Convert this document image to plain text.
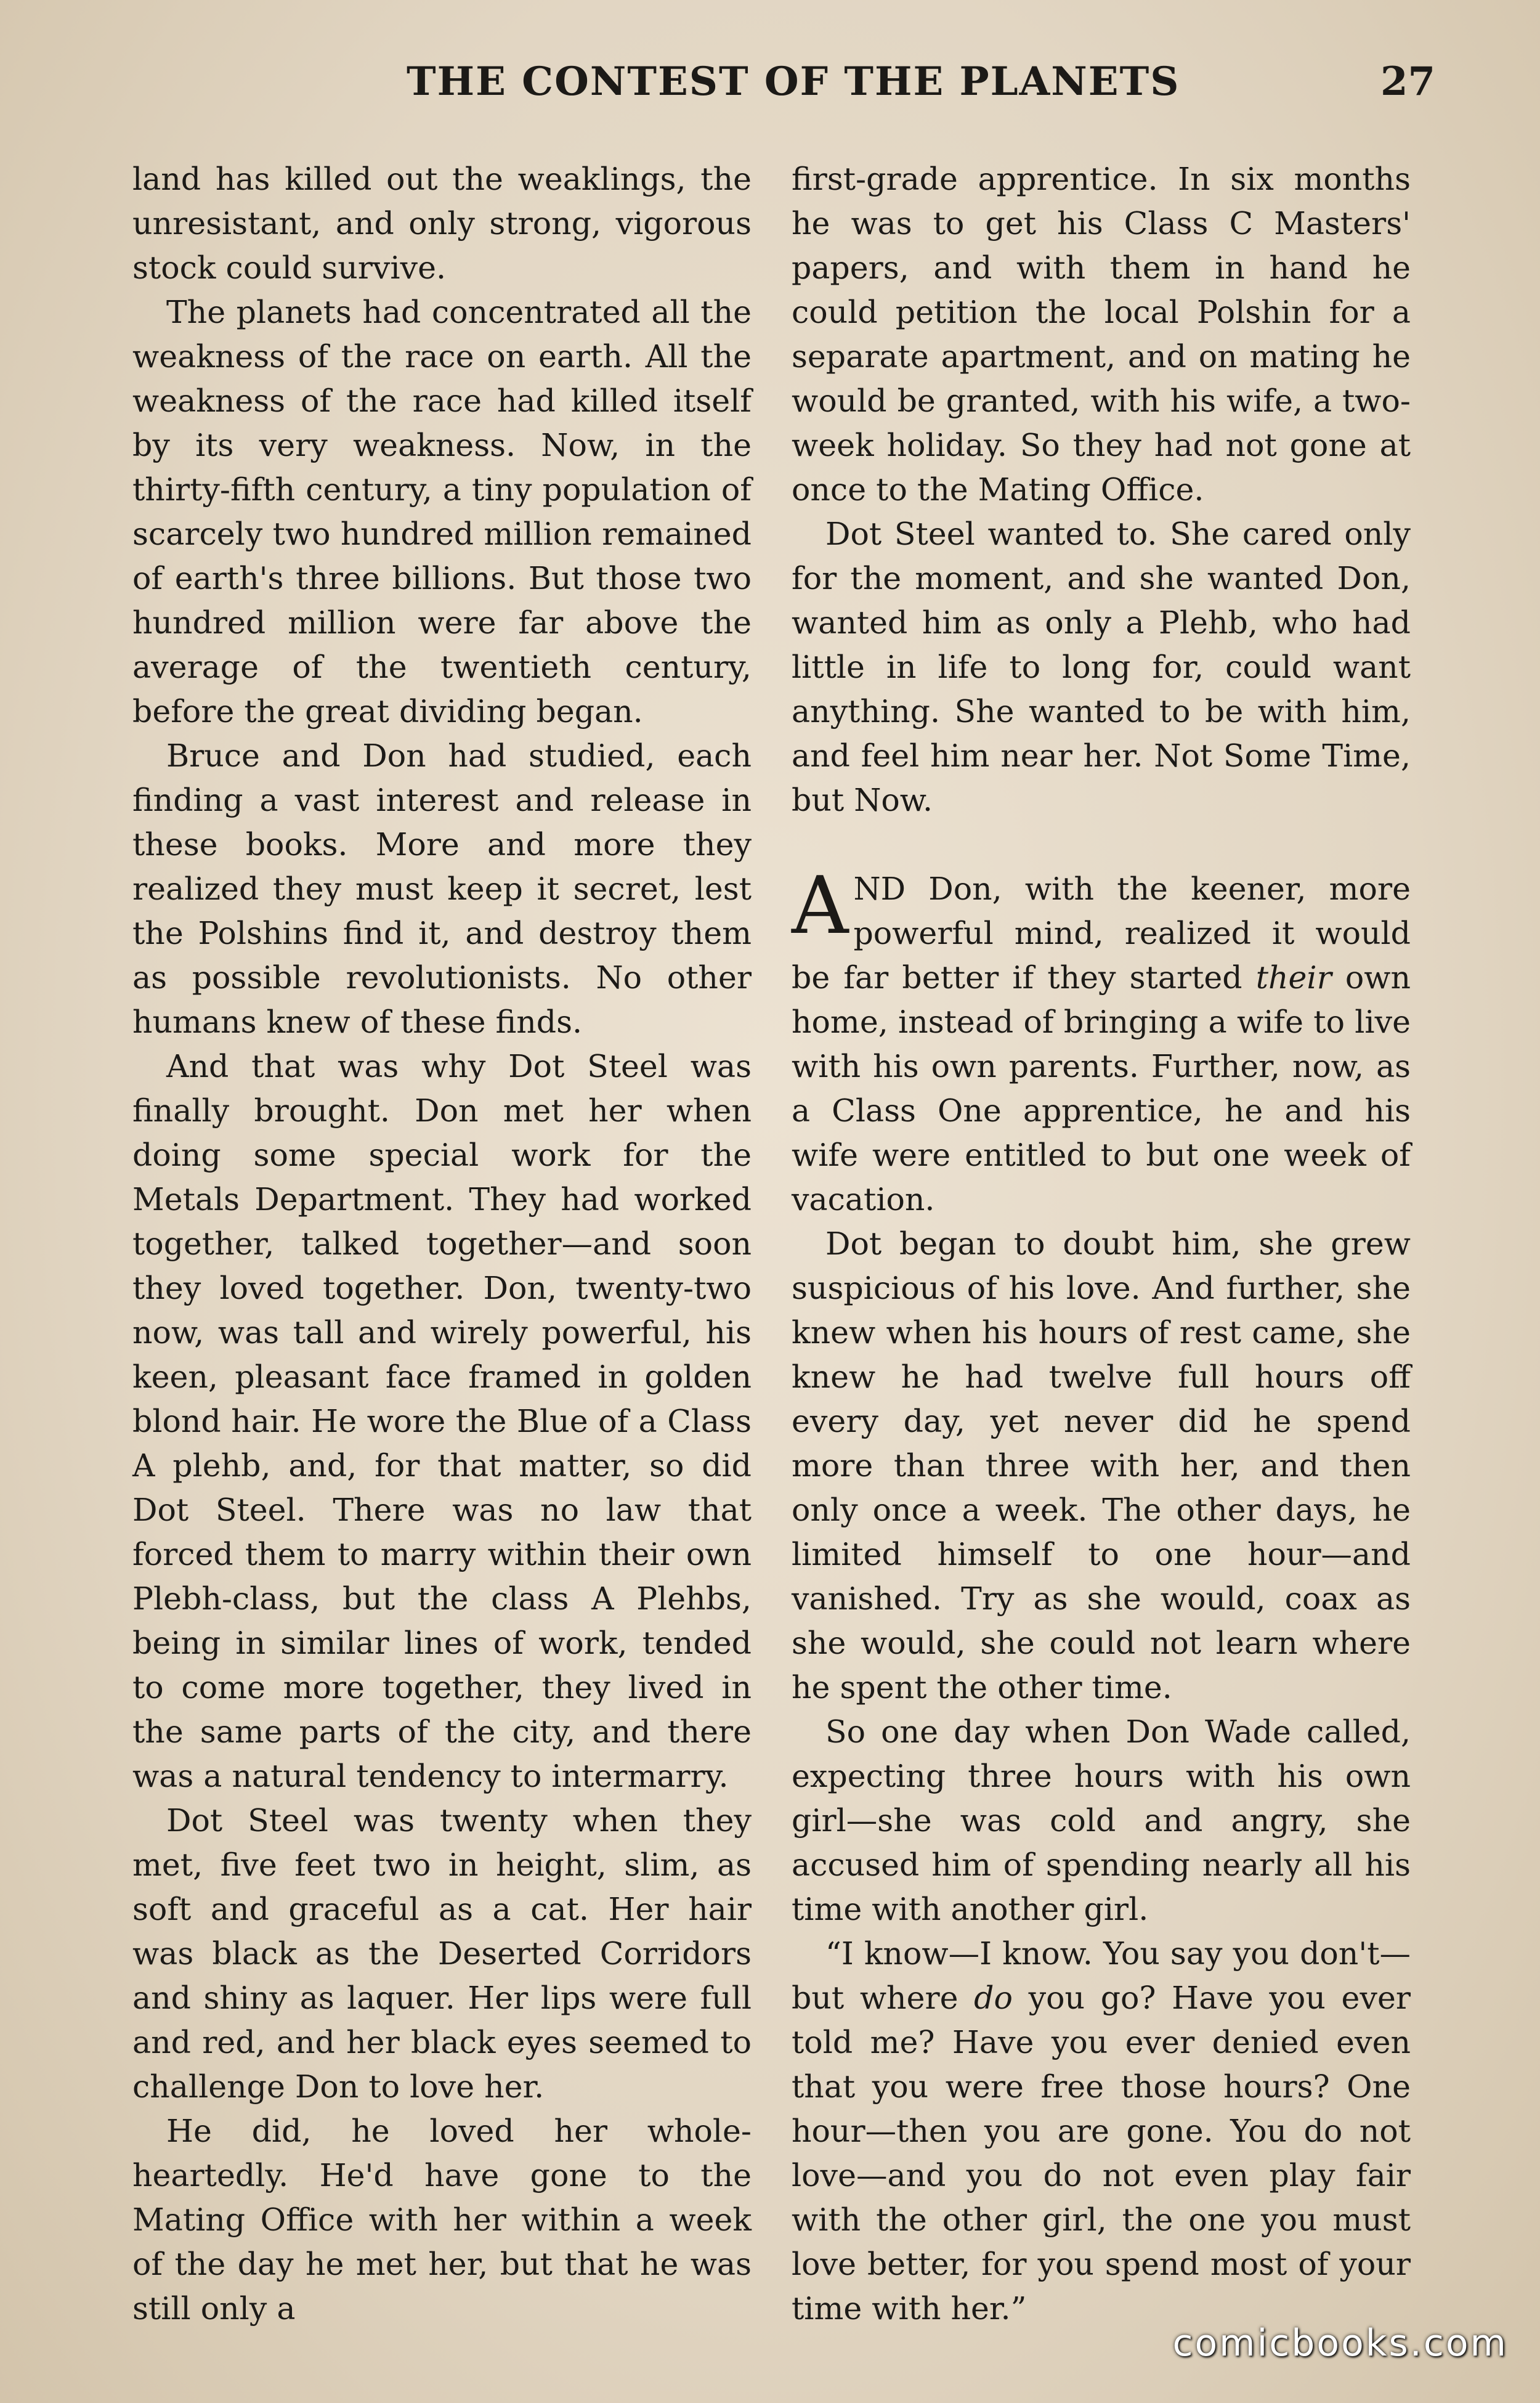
THE CONTEST OF THE PLANETS	27

land has killed out the weaklings, the unresistant, and only strong, vigorous stock could survive.

The planets had concentrated all the weakness of the race on earth. All the weakness of the race had killed itself by its very weakness. Now, in the thirty-fifth century, a tiny population of scarcely two hundred million remained of earth's three billions. But those two hundred million were far above the average of the twentieth century, before the great dividing began.

Bruce and Don had studied, each finding a vast interest and release in these books. More and more they realized they must keep it secret, lest the Polshins find it, and destroy them as possible revolutionists. No other humans knew of these finds.

And that was why Dot Steel was finally brought. Don met her when doing some special work for the Metals Department. They had worked together, talked together—and soon they loved together. Don, twenty-two now, was tall and wirely powerful, his keen, pleasant face framed in golden blond hair. He wore the Blue of a Class A plehb, and, for that matter, so did Dot Steel. There was no law that forced them to marry within their own Plebh-class, but the class A Plehbs, being in similar lines of work, tended to come more together, they lived in the same parts of the city, and there was a natural tendency to intermarry.

Dot Steel was twenty when they met, five feet two in height, slim, as soft and graceful as a cat. Her hair was black as the Deserted Corridors and shiny as laquer. Her lips were full and red, and her black eyes seemed to challenge Don to love her.

He did, he loved her whole-heartedly. He'd have gone to the Mating Office with her within a week of the day he met her, but that he was still only a

first-grade apprentice. In six months he was to get his Class C Masters' papers, and with them in hand he could petition the local Polshin for a separate apartment, and on mating he would be granted, with his wife, a two-week holiday. So they had not gone at once to the Mating Office.

Dot Steel wanted to. She cared only for the moment, and she wanted Don, wanted him as only a Plehb, who had little in life to long for, could want anything. She wanted to be with him, and feel him near her. Not Some Time, but Now.

AND Don, with the keener, more powerful mind, realized it would be far better if they started their own home, instead of bringing a wife to live with his own parents. Further, now, as a Class One apprentice, he and his wife were entitled to but one week of vacation.

Dot began to doubt him, she grew suspicious of his love. And further, she knew when his hours of rest came, she knew he had twelve full hours off every day, yet never did he spend more than three with her, and then only once a week. The other days, he limited himself to one hour—and vanished. Try as she would, coax as she would, she could not learn where he spent the other time.

So one day when Don Wade called, expecting three hours with his own girl—she was cold and angry, she accused him of spending nearly all his time with another girl.

“I know—I know. You say you don't—but where do you go? Have you ever told me? Have you ever denied even that you were free those hours? One hour—then you are gone. You do not love—and you do not even play fair with the other girl, the one you must love better, for you spend most of your time with her.”

comicbooks.com
